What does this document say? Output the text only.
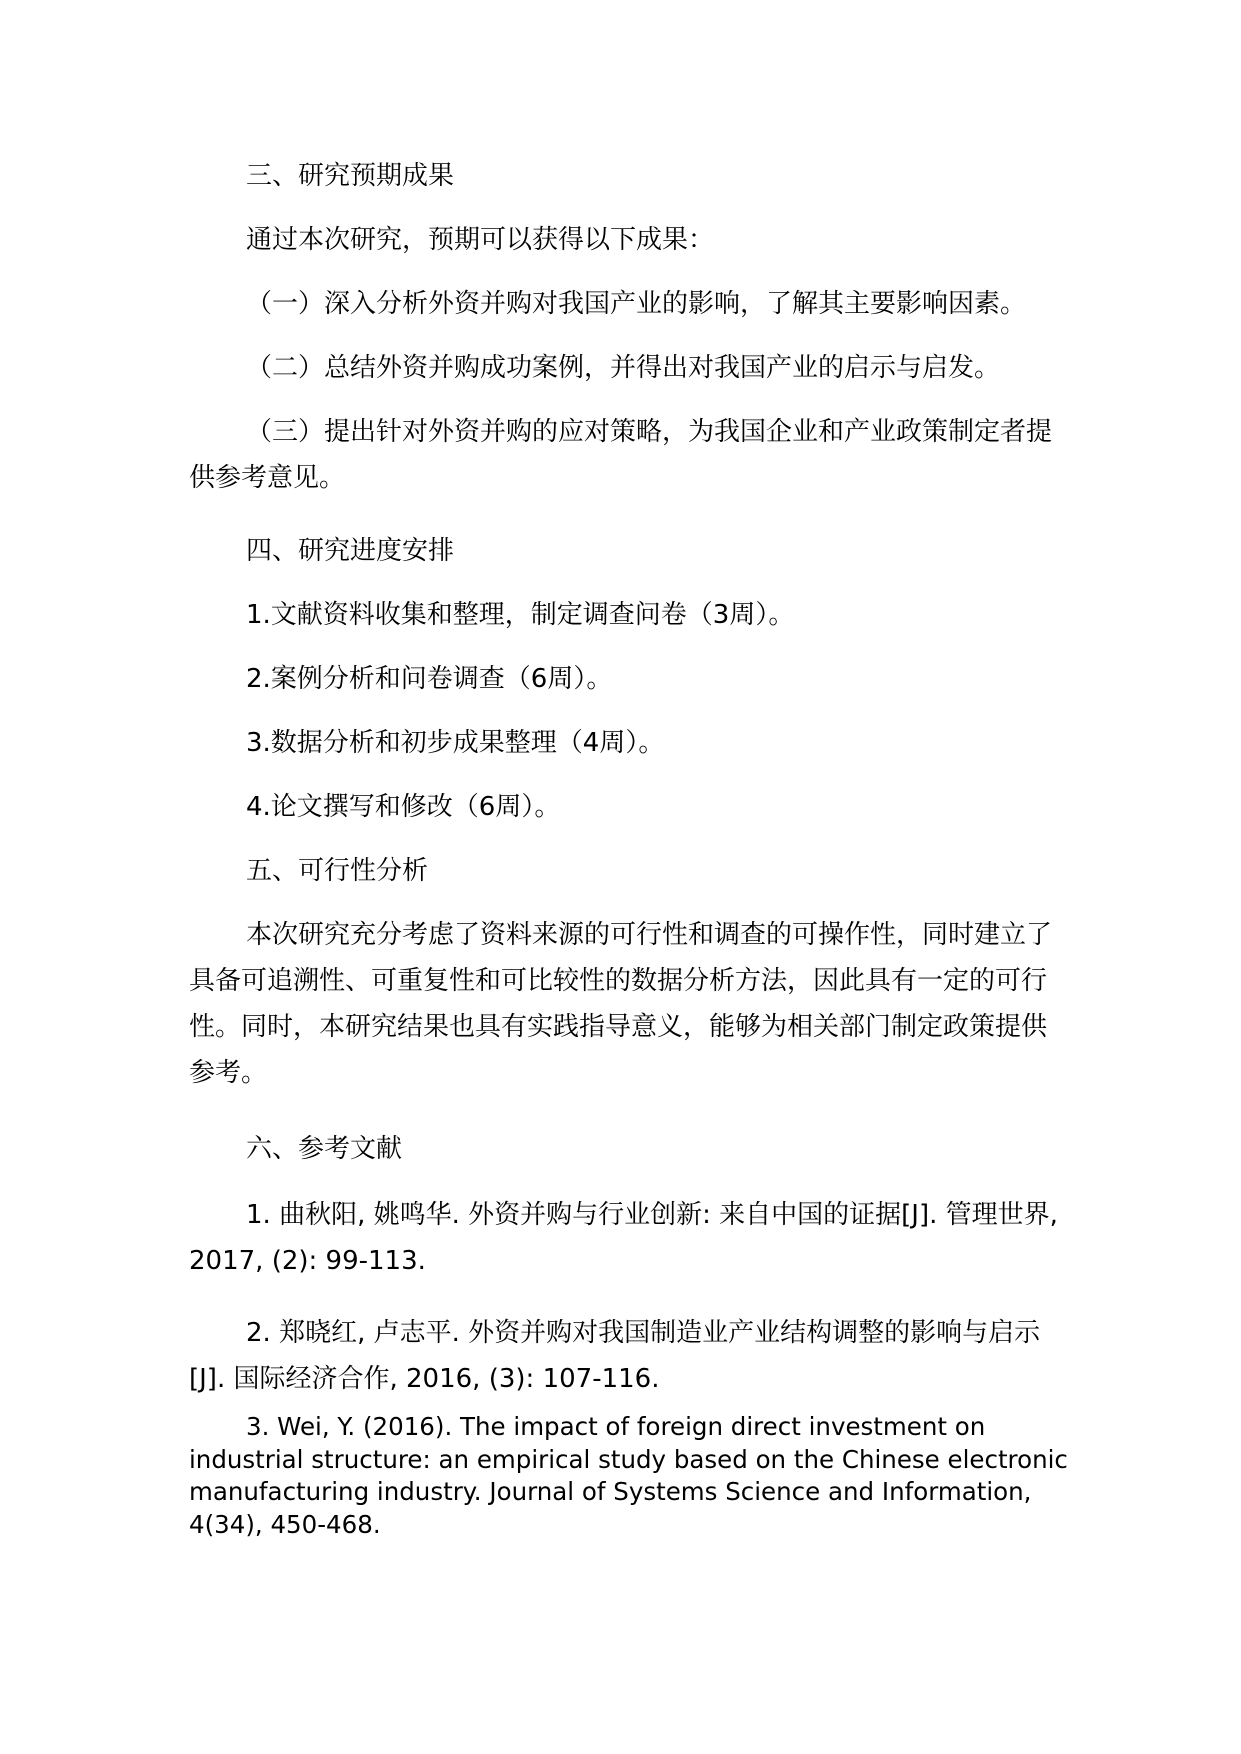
三、研究预期成果
通过本次研究，预期可以获得以下成果：
（一）深入分析外资并购对我国产业的影响，了解其主要影响因素。
（二）总结外资并购成功案例，并得出对我国产业的启示与启发。
（三）提出针对外资并购的应对策略，为我国企业和产业政策制定者提供参考意见。
四、研究进度安排
1.文献资料收集和整理，制定调查问卷（3周）。
2.案例分析和问卷调查（6周）。
3.数据分析和初步成果整理（4周）。
4.论文撰写和修改（6周）。
五、可行性分析
本次研究充分考虑了资料来源的可行性和调查的可操作性，同时建立了具备可追溯性、可重复性和可比较性的数据分析方法，因此具有一定的可行性。同时，本研究结果也具有实践指导意义，能够为相关部门制定政策提供参考。
六、参考文献
1. 曲秋阳, 姚鸣华. 外资并购与行业创新: 来自中国的证据[J]. 管理世界, 2017, (2): 99-113.
2. 郑晓红, 卢志平. 外资并购对我国制造业产业结构调整的影响与启示[J]. 国际经济合作, 2016, (3): 107-116.
3. Wei, Y. (2016). The impact of foreign direct investment on industrial structure: an empirical study based on the Chinese electronic manufacturing industry. Journal of Systems Science and Information, 4(34), 450-468.
